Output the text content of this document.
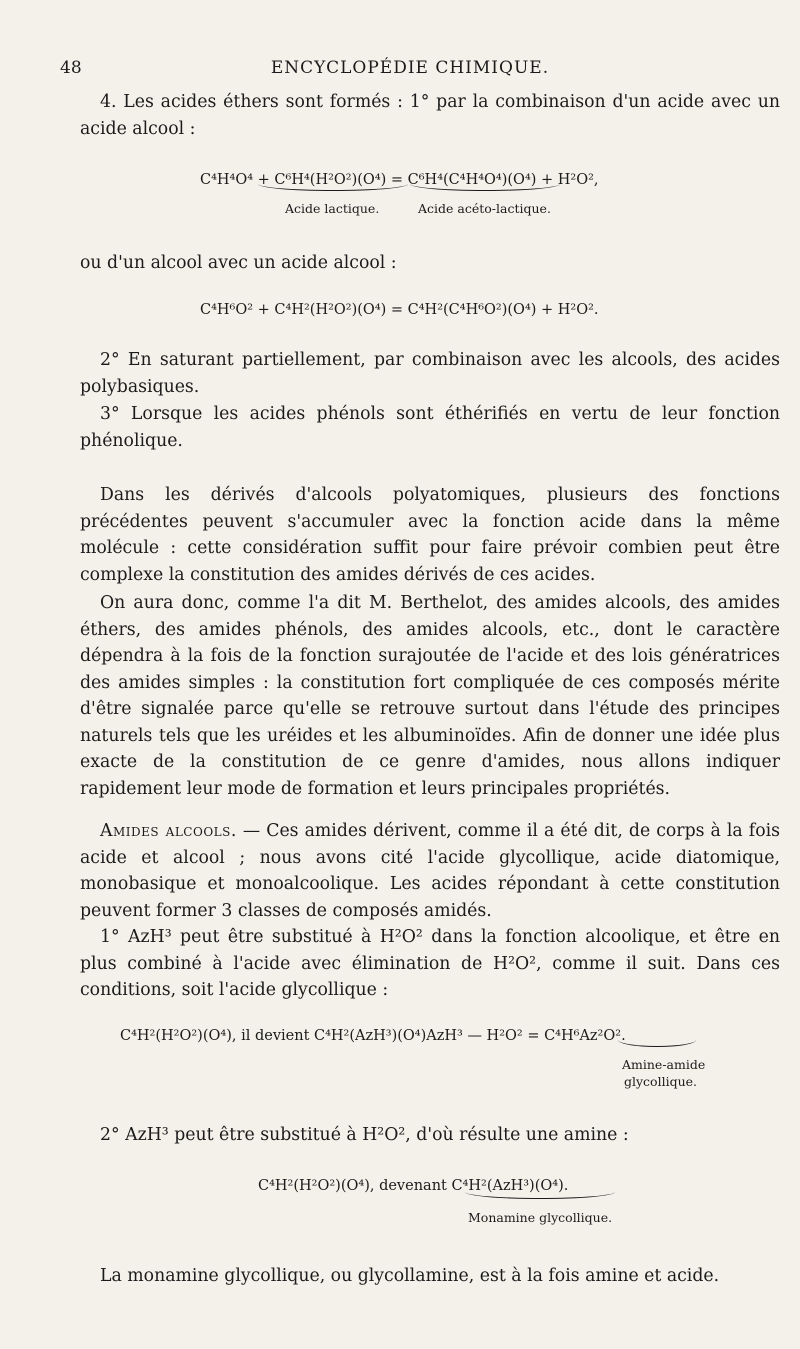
48	ENCYCLOPÉDIE CHIMIQUE.
4. Les acides éthers sont formés : 1° par la combinaison d'un acide avec un acide alcool :
C⁴H⁴O⁴ + C⁶H⁴(H²O²)(O⁴) = C⁶H⁴(C⁴H⁴O⁴)(O⁴) + H²O²,
Acide lactique.	Acide acéto-lactique.
ou d'un alcool avec un acide alcool :
C⁴H⁶O² + C⁴H²(H²O²)(O⁴) = C⁴H²(C⁴H⁶O²)(O⁴) + H²O².
2° En saturant partiellement, par combinaison avec les alcools, des acides polybasiques.
3° Lorsque les acides phénols sont éthérifiés en vertu de leur fonction phénolique.
Dans les dérivés d'alcools polyatomiques, plusieurs des fonctions précédentes peuvent s'accumuler avec la fonction acide dans la même molécule : cette considération suffit pour faire prévoir combien peut être complexe la constitution des amides dérivés de ces acides.
On aura donc, comme l'a dit M. Berthelot, des amides alcools, des amides éthers, des amides phénols, des amides alcools, etc., dont le caractère dépendra à la fois de la fonction surajoutée de l'acide et des lois génératrices des amides simples : la constitution fort compliquée de ces composés mérite d'être signalée parce qu'elle se retrouve surtout dans l'étude des principes naturels tels que les uréides et les albuminoïdes. Afin de donner une idée plus exacte de la constitution de ce genre d'amides, nous allons indiquer rapidement leur mode de formation et leurs principales propriétés.
Amides alcools. — Ces amides dérivent, comme il a été dit, de corps à la fois acide et alcool ; nous avons cité l'acide glycollique, acide diatomique, monobasique et monoalcoolique. Les acides répondant à cette constitution peuvent former 3 classes de composés amidés.
1° AzH³ peut être substitué à H²O² dans la fonction alcoolique, et être en plus combiné à l'acide avec élimination de H²O², comme il suit. Dans ces conditions, soit l'acide glycollique :
C⁴H²(H²O²)(O⁴), il devient C⁴H²(AzH³)(O⁴)AzH³ — H²O² = C⁴H⁶Az²O².
Amine-amide
glycollique.
2° AzH³ peut être substitué à H²O², d'où résulte une amine :
C⁴H²(H²O²)(O⁴), devenant C⁴H²(AzH³)(O⁴).
Monamine glycollique.
La monamine glycollique, ou glycollamine, est à la fois amine et acide.
